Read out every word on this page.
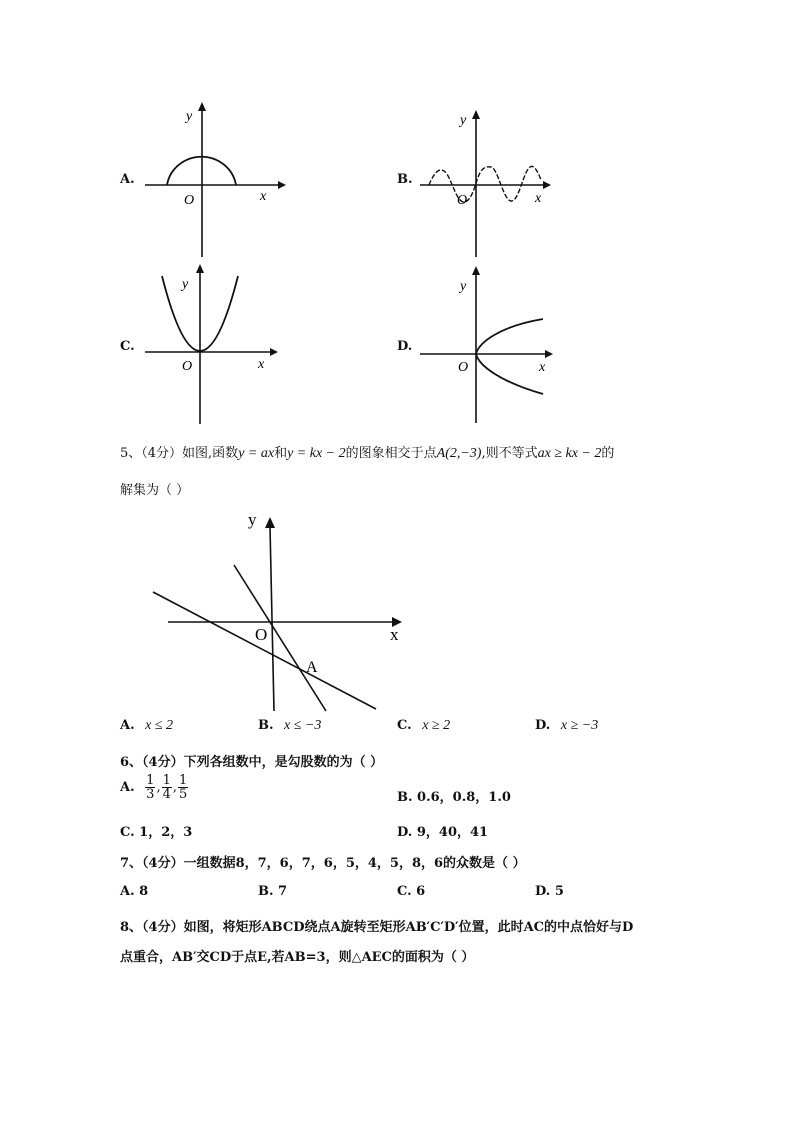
A.
y
x
O
B.
y
x
O
C.
y
x
O
D.
y
x
O
5、（4分）如图,函数y = ax和y = kx − 2的图象相交于点A(2,−3),则不等式ax ≥ kx − 2的
解集为（ ）
y
x
O
A
A. x ≤ 2	B. x ≤ −3	C. x ≥ 2	D. x ≥ −3
6、（4分）下列各组数中，是勾股数的为（ ）
A. $\frac{1}{3}$ , $\frac{1}{4}$ , $\frac{1}{5}$	B. 0.6，0.8，1.0
C. 1，2，3	D. 9，40，41
7、（4分）一组数据8，7，6，7，6，5，4，5，8，6的众数是（ ）
A. 8	B. 7	C. 6	D. 5
8、（4分）如图，将矩形ABCD绕点A旋转至矩形AB′C′D′位置，此时AC的中点恰好与D
点重合，AB′交CD于点E,若AB=3，则△AEC的面积为（ ）
